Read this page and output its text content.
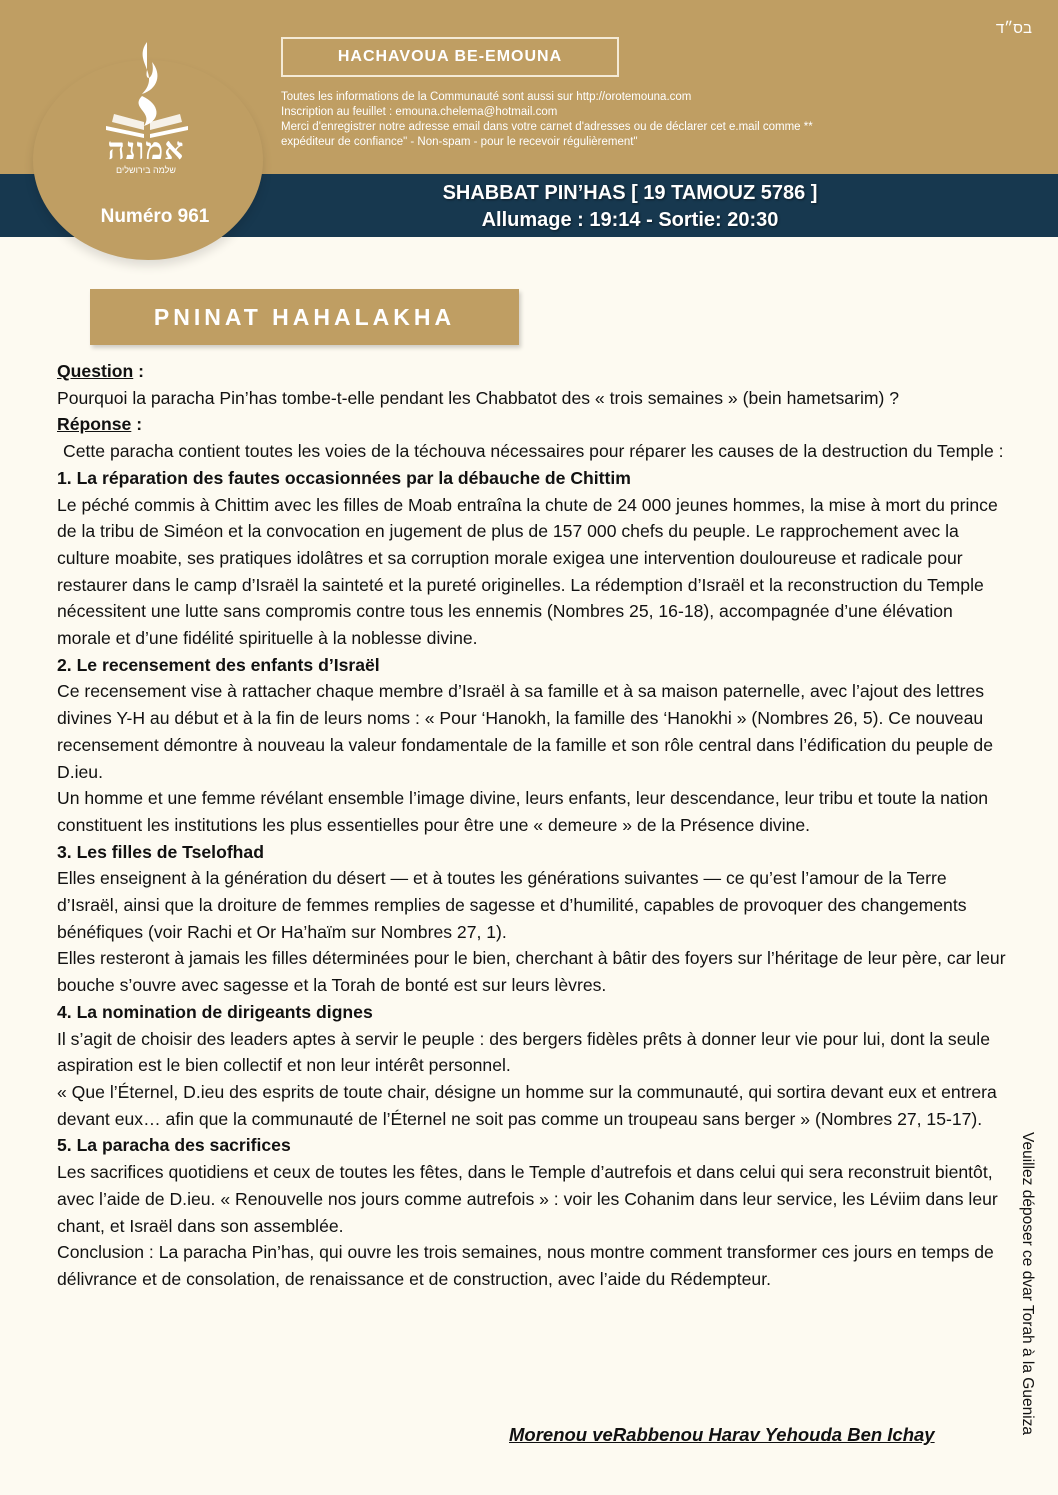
אמונה
שלמה בירושלים
Numéro 961
בס״ד
HACHAVOUA BE-EMOUNA
Toutes les informations de la Communauté sont aussi sur http://orotemouna.com
Inscription au feuillet : emouna.chelema@hotmail.com
Merci d'enregistrer notre adresse email dans votre carnet d'adresses ou de déclarer cet e.mail comme **
expéditeur de confiance" - Non-spam - pour le recevoir régulièrement"
SHABBAT PIN’HAS [ 19 TAMOUZ 5786 ]
Allumage : 19:14 - Sortie: 20:30
PNINAT HAHALAKHA

Question :

Pourquoi la paracha Pin’has tombe-t-elle pendant les Chabbatot des « trois semaines » (bein hametsarim) ?

Réponse :

Cette paracha contient toutes les voies de la téchouva nécessaires pour réparer les causes de la destruction du Temple :

1. La réparation des fautes occasionnées par la débauche de Chittim

Le péché commis à Chittim avec les filles de Moab entraîna la chute de 24 000 jeunes hommes, la mise à mort du prince de la tribu de Siméon et la convocation en jugement de plus de 157 000 chefs du peuple. Le rapprochement avec la culture moabite, ses pratiques idolâtres et sa corruption morale exigea une intervention douloureuse et radicale pour restaurer dans le camp d’Israël la sainteté et la pureté originelles. La rédemption d’Israël et la reconstruction du Temple nécessitent une lutte sans compromis contre tous les ennemis (Nombres 25, 16-18), accompagnée d’une élévation morale et d’une fidélité spirituelle à la noblesse divine.

2. Le recensement des enfants d’Israël

Ce recensement vise à rattacher chaque membre d’Israël à sa famille et à sa maison paternelle, avec l’ajout des lettres divines Y-H au début et à la fin de leurs noms : « Pour ‘Hanokh, la famille des ‘Hanokhi » (Nombres 26, 5). Ce nouveau recensement démontre à nouveau la valeur fondamentale de la famille et son rôle central dans l’édification du peuple de D.ieu.

Un homme et une femme révélant ensemble l’image divine, leurs enfants, leur descendance, leur tribu et toute la nation constituent les institutions les plus essentielles pour être une « demeure » de la Présence divine.

3. Les filles de Tselofhad

Elles enseignent à la génération du désert — et à toutes les générations suivantes — ce qu’est l’amour de la Terre d’Israël, ainsi que la droiture de femmes remplies de sagesse et d’humilité, capables de provoquer des changements bénéfiques (voir Rachi et Or Ha’haïm sur Nombres 27, 1).

Elles resteront à jamais les filles déterminées pour le bien, cherchant à bâtir des foyers sur l’héritage de leur père, car leur bouche s’ouvre avec sagesse et la Torah de bonté est sur leurs lèvres.

4. La nomination de dirigeants dignes

Il s’agit de choisir des leaders aptes à servir le peuple : des bergers fidèles prêts à donner leur vie pour lui, dont la seule aspiration est le bien collectif et non leur intérêt personnel.

« Que l’Éternel, D.ieu des esprits de toute chair, désigne un homme sur la communauté, qui sortira devant eux et entrera devant eux… afin que la communauté de l’Éternel ne soit pas comme un troupeau sans berger » (Nombres 27, 15-17).

5. La paracha des sacrifices

Les sacrifices quotidiens et ceux de toutes les fêtes, dans le Temple d’autrefois et dans celui qui sera reconstruit bientôt, avec l’aide de D.ieu. « Renouvelle nos jours comme autrefois » : voir les Cohanim dans leur service, les Léviim dans leur chant, et Israël dans son assemblée.

Conclusion : La paracha Pin’has, qui ouvre les trois semaines, nous montre comment transformer ces jours en temps de délivrance et de consolation, de renaissance et de construction, avec l’aide du Rédempteur.

Morenou veRabbenou Harav Yehouda Ben Ichay	Veuillez déposer ce dvar Torah à la Guenizа
